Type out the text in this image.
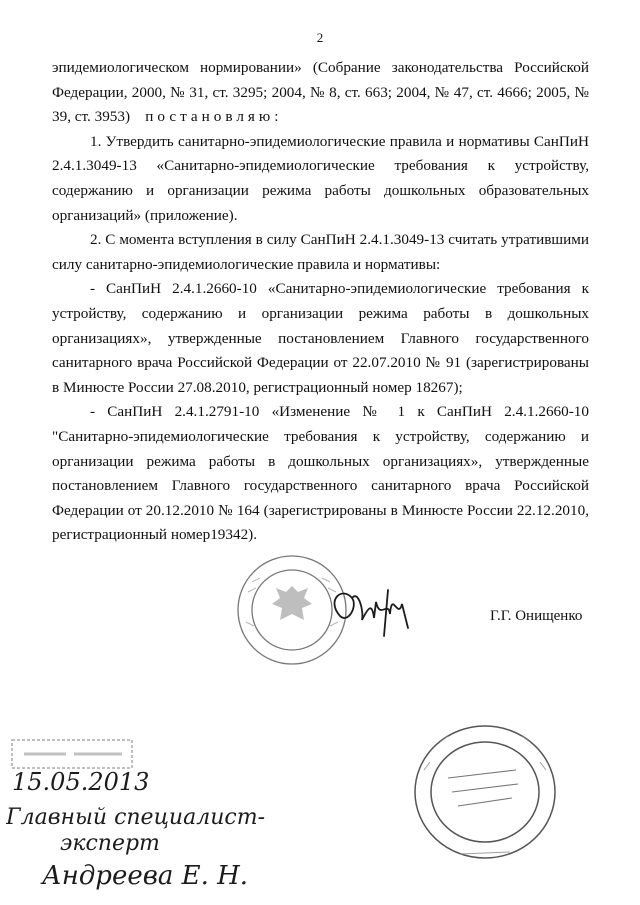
2

эпидемиологическом нормировании» (Собрание законодательства Российской Федерации, 2000, № 31, ст. 3295; 2004, № 8, ст. 663; 2004, № 47, ст. 4666; 2005, № 39, ст. 3953) постановляю:

1. Утвердить санитарно-эпидемиологические правила и нормативы СанПиН 2.4.1.3049-13 «Санитарно-эпидемиологические требования к устройству, содержанию и организации режима работы дошкольных образовательных организаций» (приложение).

2. С момента вступления в силу СанПиН 2.4.1.3049-13 считать утратившими силу санитарно-эпидемиологические правила и нормативы:

- СанПиН 2.4.1.2660-10 «Санитарно-эпидемиологические требования к устройству, содержанию и организации режима работы в дошкольных организациях», утвержденные постановлением Главного государственного санитарного врача Российской Федерации от 22.07.2010 № 91 (зарегистрированы в Минюсте России 27.08.2010, регистрационный номер 18267);

- СанПиН 2.4.1.2791-10 «Изменение № 1 к СанПиН 2.4.1.2660-10 "Санитарно-эпидемиологические требования к устройству, содержанию и организации режима работы в дошкольных организациях», утвержденные постановлением Главного государственного санитарного врача Российской Федерации от 20.12.2010 № 164 (зарегистрированы в Минюсте России 22.12.2010, регистрационный номер19342).

Г.Г. Онищенко
15.05.2013
Главный специалист-
эксперт
Андреева Е. Н.
